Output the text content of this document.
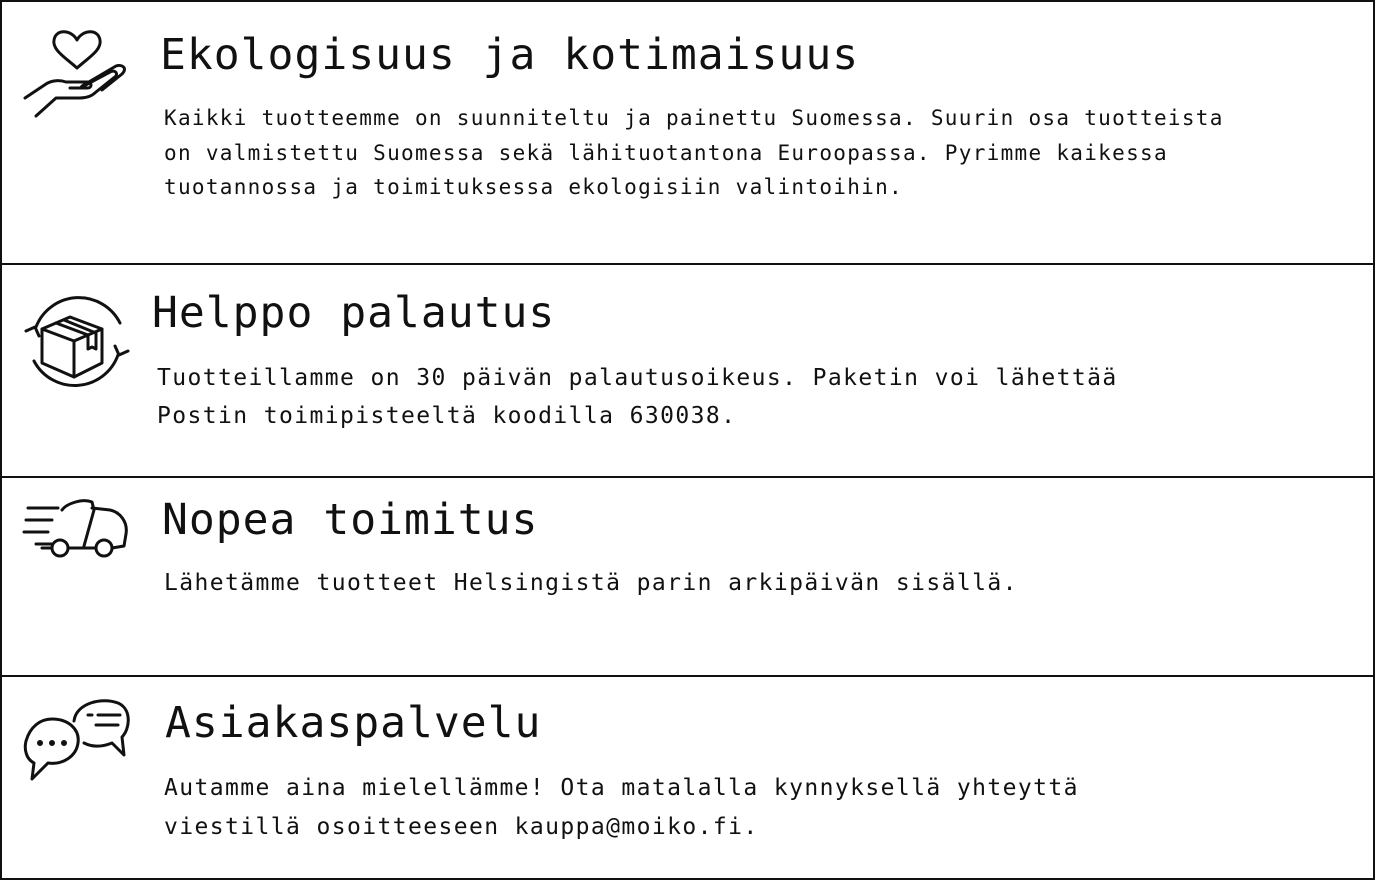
Ekologisuus ja kotimaisuus

Kaikki tuotteemme on suunniteltu ja painettu Suomessa. Suurin osa tuotteista
on valmistettu Suomessa sekä lähituotantona Euroopassa. Pyrimme kaikessa
tuotannossa ja toimituksessa ekologisiin valintoihin.

Helppo palautus

Tuotteillamme on 30 päivän palautusoikeus. Paketin voi lähettää
Postin toimipisteeltä koodilla 630038.

Nopea toimitus

Lähetämme tuotteet Helsingistä parin arkipäivän sisällä.

Asiakaspalvelu

Autamme aina mielellämme! Ota matalalla kynnyksellä yhteyttä
viestillä osoitteeseen kauppa@moiko.fi.
